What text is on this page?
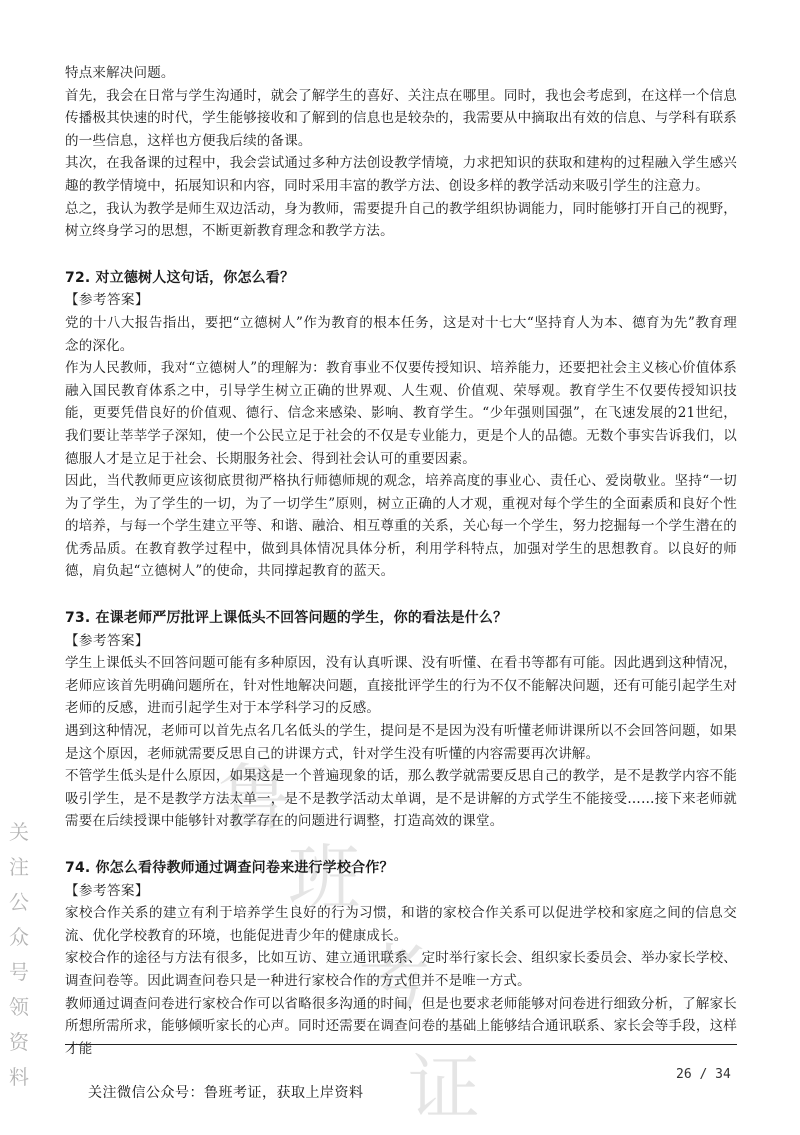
关
注
公
众
号
领
资
料
鲁
班
考
证

特点来解决问题。

首先，我会在日常与学生沟通时，就会了解学生的喜好、关注点在哪里。同时，我也会考虑到，在这样一个信息传播极其快速的时代，学生能够接收和了解到的信息也是较杂的，我需要从中摘取出有效的信息、与学科有联系的一些信息，这样也方便我后续的备课。

其次，在我备课的过程中，我会尝试通过多种方法创设教学情境，力求把知识的获取和建构的过程融入学生感兴趣的教学情境中，拓展知识和内容，同时采用丰富的教学方法、创设多样的教学活动来吸引学生的注意力。

总之，我认为教学是师生双边活动，身为教师，需要提升自己的教学组织协调能力，同时能够打开自己的视野，树立终身学习的思想，不断更新教育理念和教学方法。

72. 对立德树人这句话，你怎么看？

【参考答案】

党的十八大报告指出，要把“立德树人”作为教育的根本任务，这是对十七大“坚持育人为本、德育为先”教育理念的深化。

作为人民教师，我对“立德树人”的理解为：教育事业不仅要传授知识、培养能力，还要把社会主义核心价值体系融入国民教育体系之中，引导学生树立正确的世界观、人生观、价值观、荣辱观。教育学生不仅要传授知识技能，更要凭借良好的价值观、德行、信念来感染、影响、教育学生。“少年强则国强”，在飞速发展的21世纪，我们要让莘莘学子深知，使一个公民立足于社会的不仅是专业能力，更是个人的品德。无数个事实告诉我们，以德服人才是立足于社会、长期服务社会、得到社会认可的重要因素。

因此，当代教师更应该彻底贯彻严格执行师德师规的观念，培养高度的事业心、责任心、爱岗敬业。坚持“一切为了学生，为了学生的一切，为了一切学生”原则，树立正确的人才观，重视对每个学生的全面素质和良好个性的培养，与每一个学生建立平等、和谐、融洽、相互尊重的关系，关心每一个学生，努力挖掘每一个学生潜在的优秀品质。在教育教学过程中，做到具体情况具体分析，利用学科特点，加强对学生的思想教育。以良好的师德，肩负起“立德树人”的使命，共同撑起教育的蓝天。

73. 在课老师严厉批评上课低头不回答问题的学生，你的看法是什么？

【参考答案】

学生上课低头不回答问题可能有多种原因，没有认真听课、没有听懂、在看书等都有可能。因此遇到这种情况，老师应该首先明确问题所在，针对性地解决问题，直接批评学生的行为不仅不能解决问题，还有可能引起学生对老师的反感，进而引起学生对于本学科学习的反感。

遇到这种情况，老师可以首先点名几名低头的学生，提问是不是因为没有听懂老师讲课所以不会回答问题，如果是这个原因，老师就需要反思自己的讲课方式，针对学生没有听懂的内容需要再次讲解。

不管学生低头是什么原因，如果这是一个普遍现象的话，那么教学就需要反思自己的教学，是不是教学内容不能吸引学生，是不是教学方法太单一，是不是教学活动太单调，是不是讲解的方式学生不能接受……接下来老师就需要在后续授课中能够针对教学存在的问题进行调整，打造高效的课堂。

74. 你怎么看待教师通过调查问卷来进行学校合作？

【参考答案】

家校合作关系的建立有利于培养学生良好的行为习惯，和谐的家校合作关系可以促进学校和家庭之间的信息交流、优化学校教育的环境，也能促进青少年的健康成长。

家校合作的途径与方法有很多，比如互访、建立通讯联系、定时举行家长会、组织家长委员会、举办家长学校、调查问卷等。因此调查问卷只是一种进行家校合作的方式但并不是唯一方式。

教师通过调查问卷进行家校合作可以省略很多沟通的时间，但是也要求老师能够对问卷进行细致分析，了解家长所想所需所求，能够倾听家长的心声。同时还需要在调查问卷的基础上能够结合通讯联系、家长会等手段，这样才能

26 / 34
关注微信公众号：鲁班考证，获取上岸资料
